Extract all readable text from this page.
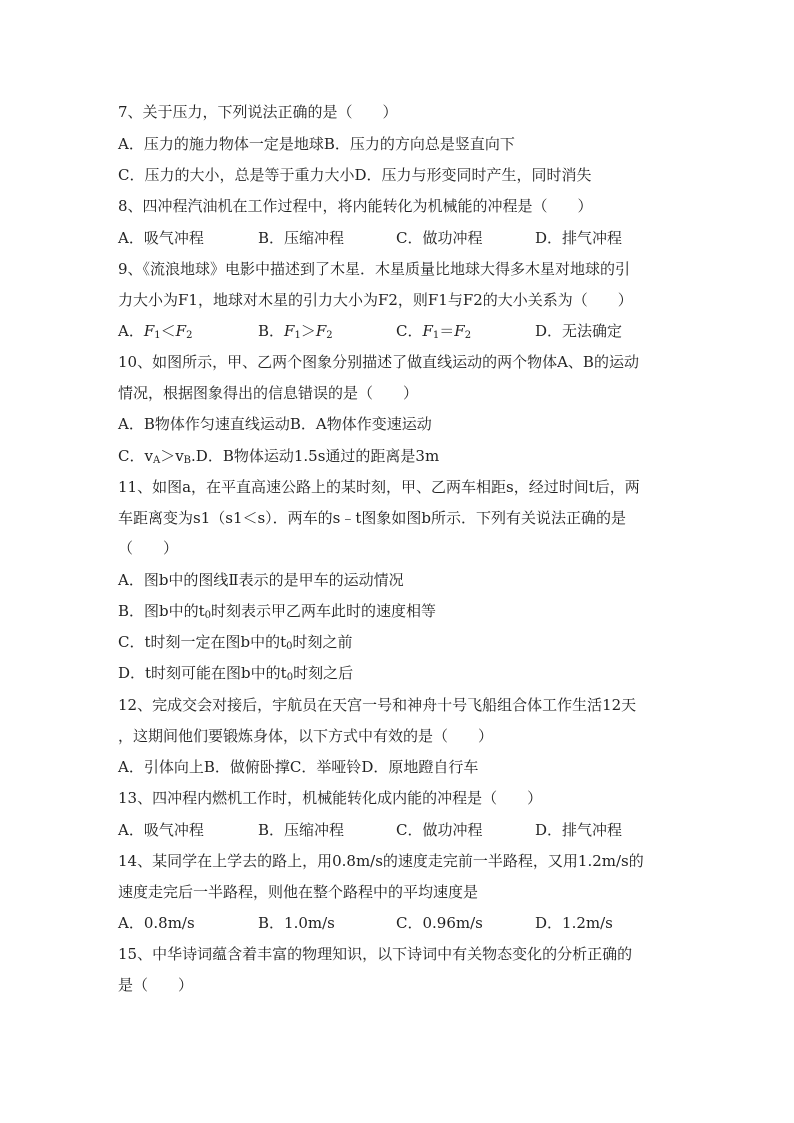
7、关于压力，下列说法正确的是（　　）
A．压力的施力物体一定是地球B．压力的方向总是竖直向下
C．压力的大小，总是等于重力大小D．压力与形变同时产生，同时消失
8、四冲程汽油机在工作过程中，将内能转化为机械能的冲程是（　　）
A．吸气冲程	B．压缩冲程	C．做功冲程	D．排气冲程
9、《流浪地球》电影中描述到了木星．木星质量比地球大得多木星对地球的引
力大小为F1，地球对木星的引力大小为F2，则F1与F2的大小关系为（　　）
A．$F_1<F_2$	B．$F_1>F_2$	C．$F_1=F_2$	D．无法确定
10、如图所示，甲、乙两个图象分别描述了做直线运动的两个物体A、B的运动
情况，根据图象得出的信息错误的是（　　）
A．B物体作匀速直线运动B．A物体作变速运动
C．$v_A>v_B.D$．B物体运动1.5s通过的距离是3m
11、如图a，在平直高速公路上的某时刻，甲、乙两车相距s，经过时间t后，两
车距离变为s1（s1＜s）．两车的s﹣t图象如图b所示．下列有关说法正确的是
（　　）
A．图b中的图线Ⅱ表示的是甲车的运动情况
B．图b中的$t_0$时刻表示甲乙两车此时的速度相等
C．t时刻一定在图b中的$t_0$时刻之前
D．t时刻可能在图b中的$t_0$时刻之后
12、完成交会对接后，宇航员在天宫一号和神舟十号飞船组合体工作生活12天
，这期间他们要锻炼身体，以下方式中有效的是（　　）
A．引体向上B．做俯卧撑C．举哑铃D．原地蹬自行车
13、四冲程内燃机工作时，机械能转化成内能的冲程是（　　）
A．吸气冲程	B．压缩冲程	C．做功冲程	D．排气冲程
14、某同学在上学去的路上，用0.8m/s的速度走完前一半路程，又用1.2m/s的
速度走完后一半路程，则他在整个路程中的平均速度是
A．0.8m/s	B．1.0m/s	C．0.96m/s	D．1.2m/s
15、中华诗词蕴含着丰富的物理知识，以下诗词中有关物态变化的分析正确的
是（　　）
